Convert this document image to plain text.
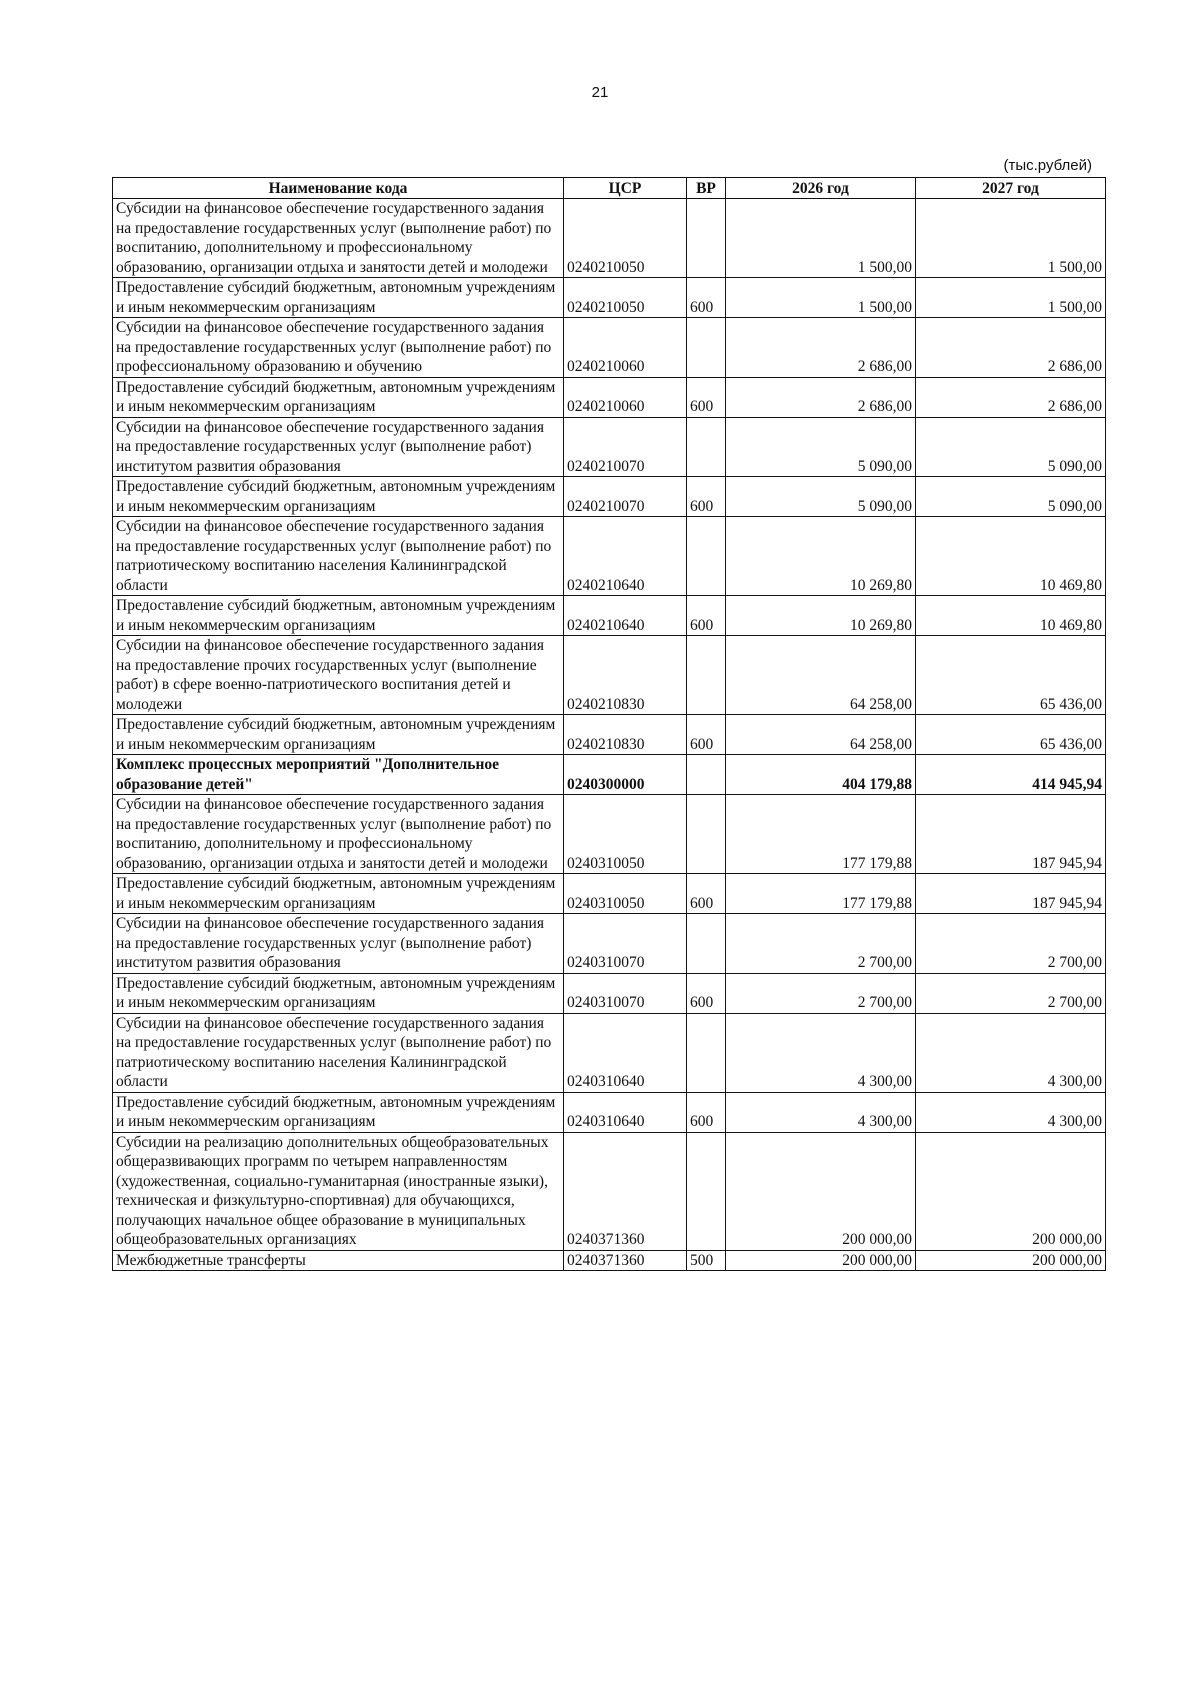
21
(тыс.рублей)
Наименование кода	ЦСР	ВР	2026 год	2027 год
Субсидии на финансовое обеспечение государственного задания на предоставление государственных услуг (выполнение работ) по воспитанию, дополнительному и профессиональному образованию, организации отдыха и занятости детей и молодежи	0240210050		1 500,00	1 500,00
Предоставление субсидий бюджетным, автономным учреждениям и иным некоммерческим организациям	0240210050	600	1 500,00	1 500,00
Субсидии на финансовое обеспечение государственного задания на предоставление государственных услуг (выполнение работ) по профессиональному образованию и обучению	0240210060		2 686,00	2 686,00
Предоставление субсидий бюджетным, автономным учреждениям и иным некоммерческим организациям	0240210060	600	2 686,00	2 686,00
Субсидии на финансовое обеспечение государственного задания на предоставление государственных услуг (выполнение работ) институтом развития образования	0240210070		5 090,00	5 090,00
Предоставление субсидий бюджетным, автономным учреждениям и иным некоммерческим организациям	0240210070	600	5 090,00	5 090,00
Субсидии на финансовое обеспечение государственного задания на предоставление государственных услуг (выполнение работ) по патриотическому воспитанию населения Калининградской области	0240210640		10 269,80	10 469,80
Предоставление субсидий бюджетным, автономным учреждениям и иным некоммерческим организациям	0240210640	600	10 269,80	10 469,80
Субсидии на финансовое обеспечение государственного задания на предоставление прочих государственных услуг (выполнение работ) в сфере военно-патриотического воспитания детей и молодежи	0240210830		64 258,00	65 436,00
Предоставление субсидий бюджетным, автономным учреждениям и иным некоммерческим организациям	0240210830	600	64 258,00	65 436,00
Комплекс процессных мероприятий "Дополнительное образование детей"	0240300000		404 179,88	414 945,94
Субсидии на финансовое обеспечение государственного задания на предоставление государственных услуг (выполнение работ) по воспитанию, дополнительному и профессиональному образованию, организации отдыха и занятости детей и молодежи	0240310050		177 179,88	187 945,94
Предоставление субсидий бюджетным, автономным учреждениям и иным некоммерческим организациям	0240310050	600	177 179,88	187 945,94
Субсидии на финансовое обеспечение государственного задания на предоставление государственных услуг (выполнение работ) институтом развития образования	0240310070		2 700,00	2 700,00
Предоставление субсидий бюджетным, автономным учреждениям и иным некоммерческим организациям	0240310070	600	2 700,00	2 700,00
Субсидии на финансовое обеспечение государственного задания на предоставление государственных услуг (выполнение работ) по патриотическому воспитанию населения Калининградской области	0240310640		4 300,00	4 300,00
Предоставление субсидий бюджетным, автономным учреждениям и иным некоммерческим организациям	0240310640	600	4 300,00	4 300,00
Субсидии на реализацию дополнительных общеобразовательных общеразвивающих программ по четырем направленностям (художественная, социально-гуманитарная (иностранные языки), техническая и физкультурно-спортивная) для обучающихся, получающих начальное общее образование в муниципальных общеобразовательных организациях	0240371360		200 000,00	200 000,00
Межбюджетные трансферты	0240371360	500	200 000,00	200 000,00
